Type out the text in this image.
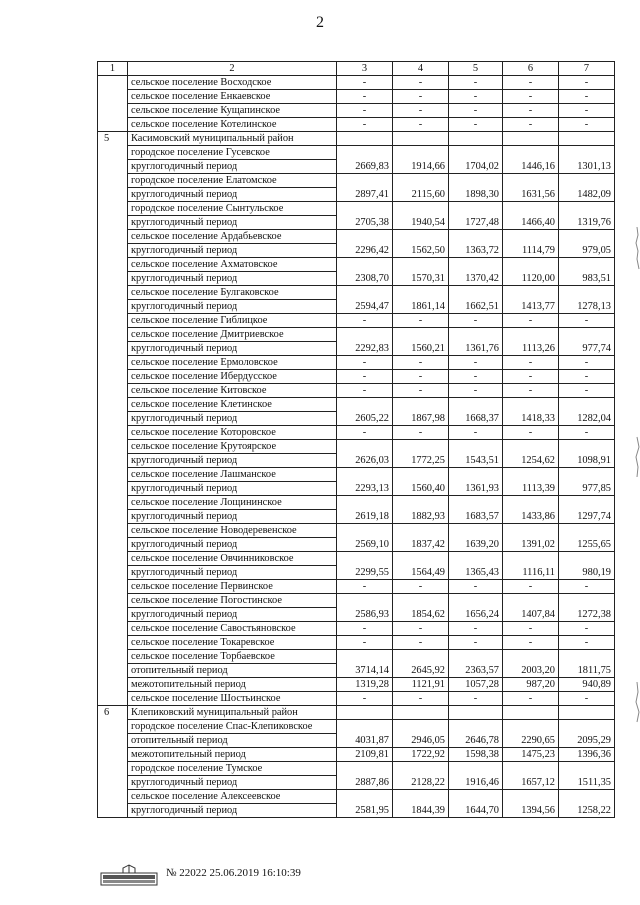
2
1	2	3	4	5	6	7
	сельское поселение Восходское	-	-	-	-	-
	сельское поселение Енкаевское	-	-	-	-	-
	сельское поселение Кущапинское	-	-	-	-	-
	сельское поселение Котелинское	-	-	-	-	-
5	Касимовский муниципальный район					
	городское поселение Гусевское					
	круглогодичный период	2669,83	1914,66	1704,02	1446,16	1301,13
	городское поселение Елатомское					
	круглогодичный период	2897,41	2115,60	1898,30	1631,56	1482,09
	городское поселение Сынтульское					
	круглогодичный период	2705,38	1940,54	1727,48	1466,40	1319,76
	сельское поселение Ардабьевское					
	круглогодичный период	2296,42	1562,50	1363,72	1114,79	979,05
	сельское поселение Ахматовское					
	круглогодичный период	2308,70	1570,31	1370,42	1120,00	983,51
	сельское поселение Булгаковское					
	круглогодичный период	2594,47	1861,14	1662,51	1413,77	1278,13
	сельское поселение Гиблицкое	-	-	-	-	-
	сельское поселение Дмитриевское					
	круглогодичный период	2292,83	1560,21	1361,76	1113,26	977,74
	сельское поселение Ермоловское	-	-	-	-	-
	сельское поселение Ибердусское	-	-	-	-	-
	сельское поселение Китовское	-	-	-	-	-
	сельское поселение Клетинское					
	круглогодичный период	2605,22	1867,98	1668,37	1418,33	1282,04
	сельское поселение Которовское	-	-	-	-	-
	сельское поселение Крутоярское					
	круглогодичный период	2626,03	1772,25	1543,51	1254,62	1098,91
	сельское поселение Лашманское					
	круглогодичный период	2293,13	1560,40	1361,93	1113,39	977,85
	сельское поселение Лощининское					
	круглогодичный период	2619,18	1882,93	1683,57	1433,86	1297,74
	сельское поселение Новодеревенское					
	круглогодичный период	2569,10	1837,42	1639,20	1391,02	1255,65
	сельское поселение Овчинниковское					
	круглогодичный период	2299,55	1564,49	1365,43	1116,11	980,19
	сельское поселение Первинское	-	-	-	-	-
	сельское поселение Погостинское					
	круглогодичный период	2586,93	1854,62	1656,24	1407,84	1272,38
	сельское поселение Савостьяновское	-	-	-	-	-
	сельское поселение Токаревское	-	-	-	-	-
	сельское поселение Торбаевское					
	отопительный период	3714,14	2645,92	2363,57	2003,20	1811,75
	межотопительный период	1319,28	1121,91	1057,28	987,20	940,89
	сельское поселение Шостьинское	-	-	-	-	-
6	Клепиковский муниципальный район					
	городское поселение Спас-Клепиковское					
	отопительный период	4031,87	2946,05	2646,78	2290,65	2095,29
	межотопительный период	2109,81	1722,92	1598,38	1475,23	1396,36
	городское поселение Тумское					
	круглогодичный период	2887,86	2128,22	1916,46	1657,12	1511,35
	сельское поселение Алексеевское					
	круглогодичный период	2581,95	1844,39	1644,70	1394,56	1258,22
№ 22022 25.06.2019 16:10:39
